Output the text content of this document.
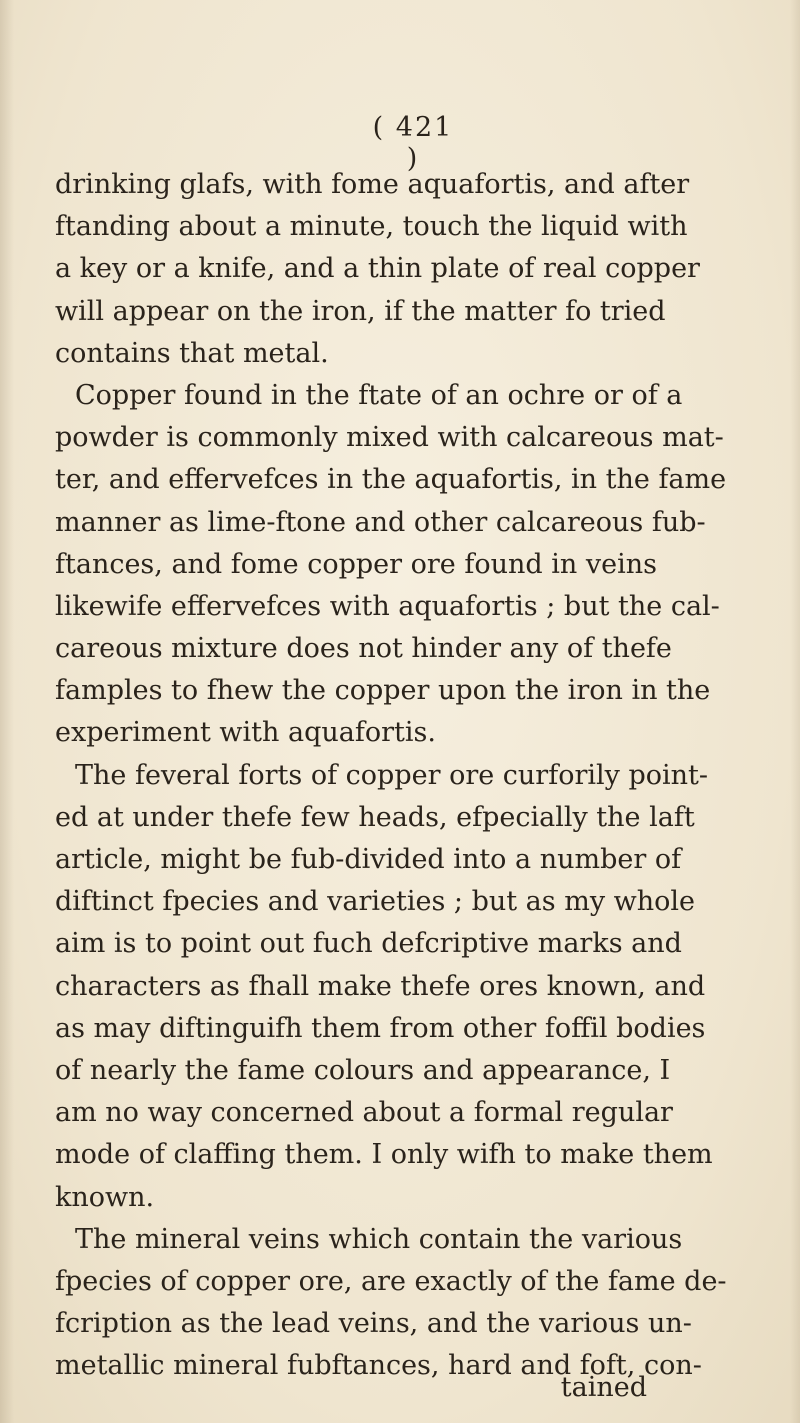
( 421 )
drinking glafs, with fome aquafortis, and after
ftanding about a minute, touch the liquid with
a key or a knife, and a thin plate of real copper
will appear on the iron, if the matter fo tried
contains that metal.
Copper found in the ftate of an ochre or of a
powder is commonly mixed with calcareous mat-
ter, and effervefces in the aquafortis, in the fame
manner as lime-ftone and other calcareous fub-
ftances, and fome copper ore found in veins
likewife effervefces with aquafortis ; but the cal-
careous mixture does not hinder any of thefe
famples to fhew the copper upon the iron in the
experiment with aquafortis.
The feveral forts of copper ore curforily point-
ed at under thefe few heads, efpecially the laft
article, might be fub-divided into a number of
diftinct fpecies and varieties ; but as my whole
aim is to point out fuch defcriptive marks and
characters as fhall make thefe ores known, and
as may diftinguifh them from other foffil bodies
of nearly the fame colours and appearance, I
am no way concerned about a formal regular
mode of claffing them. I only wifh to make them
known.
The mineral veins which contain the various
fpecies of copper ore, are exactly of the fame de-
fcription as the lead veins, and the various un-
metallic mineral fubftances, hard and foft, con-
tained
